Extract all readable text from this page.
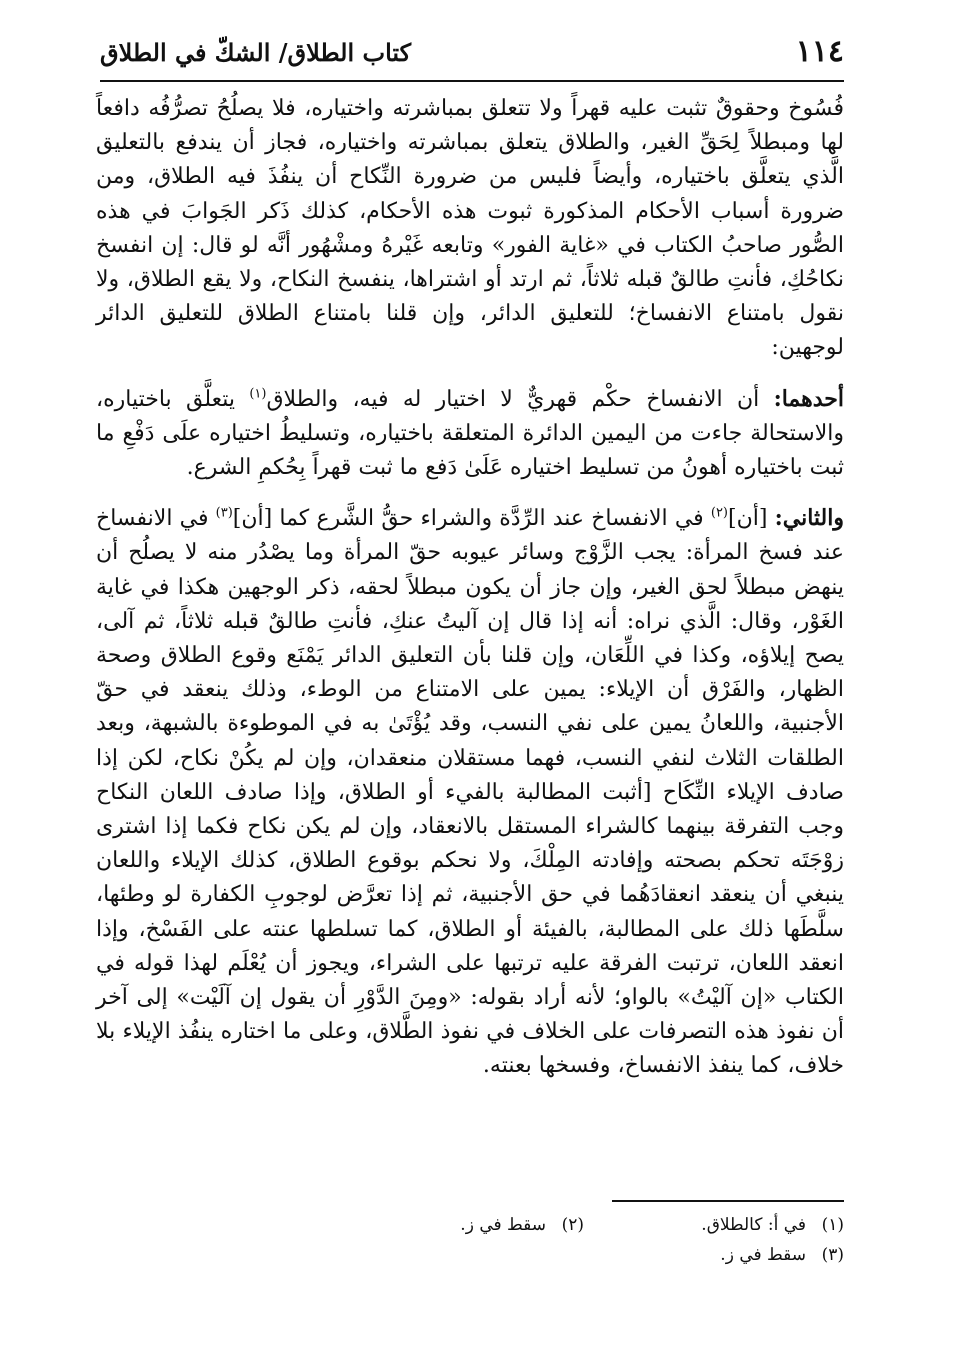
١١٤
كتاب الطلاق/ الشكّ في الطلاق

فُسُوخ وحقوقٌ تثبت عليه قهراً ولا تتعلق بمباشرته واختياره، فلا يصلُحُ تصرُّفُه دافعاً لها ومبطلاً لِحَقِّ الغير، والطلاق يتعلق بمباشرته واختياره، فجاز أن يندفع بالتعليق الَّذي يتعلَّق باختياره، وأيضاً فليس من ضرورة النِّكاح أن ينفُذَ فيه الطلاق، ومن ضرورة أسباب الأحكام المذكورة ثبوت هذه الأحكام، كذلك ذَكر الجَوابَ في هذه الصُّور صاحبُ الكتاب في «غاية الفور» وتابعه غَيْرهُ ومشْهُور أنَّه لو قال: إن انفسخ نكاحُكِ، فأنتِ طالقٌ قبله ثلاثاً، ثم ارتد أو اشتراها، ينفسخ النكاح، ولا يقع الطلاق، ولا نقول بامتناع الانفساخ؛ للتعليق الدائر، وإن قلنا بامتناع الطلاق للتعليق الدائر لوجهين:

أحدهما: أن الانفساخ حكْم قهريٌّ لا اختيار له فيه، والطلاق$^{(١)}$ يتعلَّق باختياره، والاستحالة جاءت من اليمين الدائرة المتعلقة باختياره، وتسليطُ اختياره علَى دَفْعِ ما ثبت باختياره أهونُ من تسليط اختياره عَلَىٰ دَفع ما ثبت قهراً بِحُكمِ الشرع.

والثاني: [أن]$^{(٢)}$ في الانفساخ عند الرِّدَّة والشراء حقُّ الشَّرع كما [أن]$^{(٣)}$ في الانفساخ عند فسخ المرأة: يجب الزَّوْج وسائر عيوبه حقّ المرأة وما يصْدُر منه لا يصلُح أن ينهض مبطلاً لحق الغير، وإن جاز أن يكون مبطلاً لحقه، ذكر الوجهين هكذا في غاية الغَوْر، وقال: الَّذي نراه: أنه إذا قال إن آليتُ عنكِ، فأنتِ طالقٌ قبله ثلاثاً، ثم آلى، يصح إيلاؤه، وكذا في اللِّعَان، وإن قلنا بأن التعليق الدائر يَمْنَع وقوع الطلاق وصحة الظهار، والفَرْق أن الإيلاء: يمين على الامتناع من الوطء، وذلك ينعقد في حقّ الأجنبية، واللعانُ يمين على نفي النسب، وقد يُؤْتَىٰ به في الموطوءة بالشبهة، وبعد الطلقات الثلاث لنفي النسب، فهما مستقلان منعقدان، وإن لم يكُنْ نكاح، لكن إذا صادف الإيلاء النِّكَاح [أثبت المطالبة بالفيء أو الطلاق، وإذا صادف اللعان النكاح وجب التفرقة بينهما كالشراء المستقل بالانعقاد، وإن لم يكن نكاح فكما إذا اشترى زوْجَتَه تحكم بصحته وإفادته المِلْكَ، ولا نحكم بوقوع الطلاق، كذلك الإيلاء واللعان ينبغي أن ينعقد انعقادَهُما في حق الأجنبية، ثم إذا تعرَّض لوجوبِ الكفارة لو وطئها، سلَّطَها ذلك على المطالبة، بالفيئة أو الطلاق، كما تسلطها عنته على الفَسْخ، وإذا انعقد اللعان، ترتبت الفرقة عليه ترتبها على الشراء، ويجوز أن يُعْلَم لهذا قوله في الكتاب «إن آليْتُ» بالواو؛ لأنه أراد بقوله: «ومِنَ الدَّوْرِ أن يقول إن آلَيْت» إلى آخر أن نفوذ هذه التصرفات على الخلاف في نفوذ الطَّلاق، وعلى ما اختاره ينفُذ الإيلاء بلا خلاف، كما ينفذ الانفساخ، وفسخها بعنته.

(١)في أ: كالطلاق.
(٢)سقط في ز.
(٣)سقط في ز.
